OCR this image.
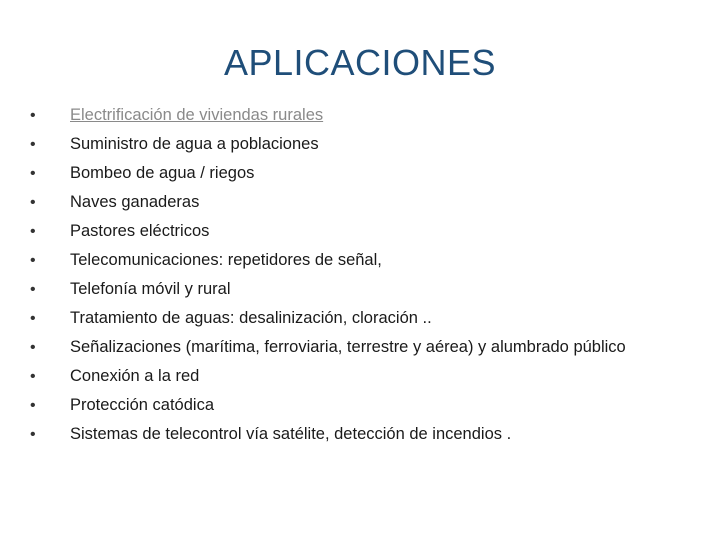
APLICACIONES
• Electrificación de viviendas rurales
• Suministro de agua a poblaciones
• Bombeo de agua / riegos
• Naves ganaderas
• Pastores eléctricos
• Telecomunicaciones: repetidores de señal,
• Telefonía móvil y rural
• Tratamiento de aguas: desalinización, cloración ..
• Señalizaciones (marítima, ferroviaria, terrestre y aérea) y alumbrado público
• Conexión a la red
• Protección catódica
• Sistemas de telecontrol vía satélite, detección de incendios .
